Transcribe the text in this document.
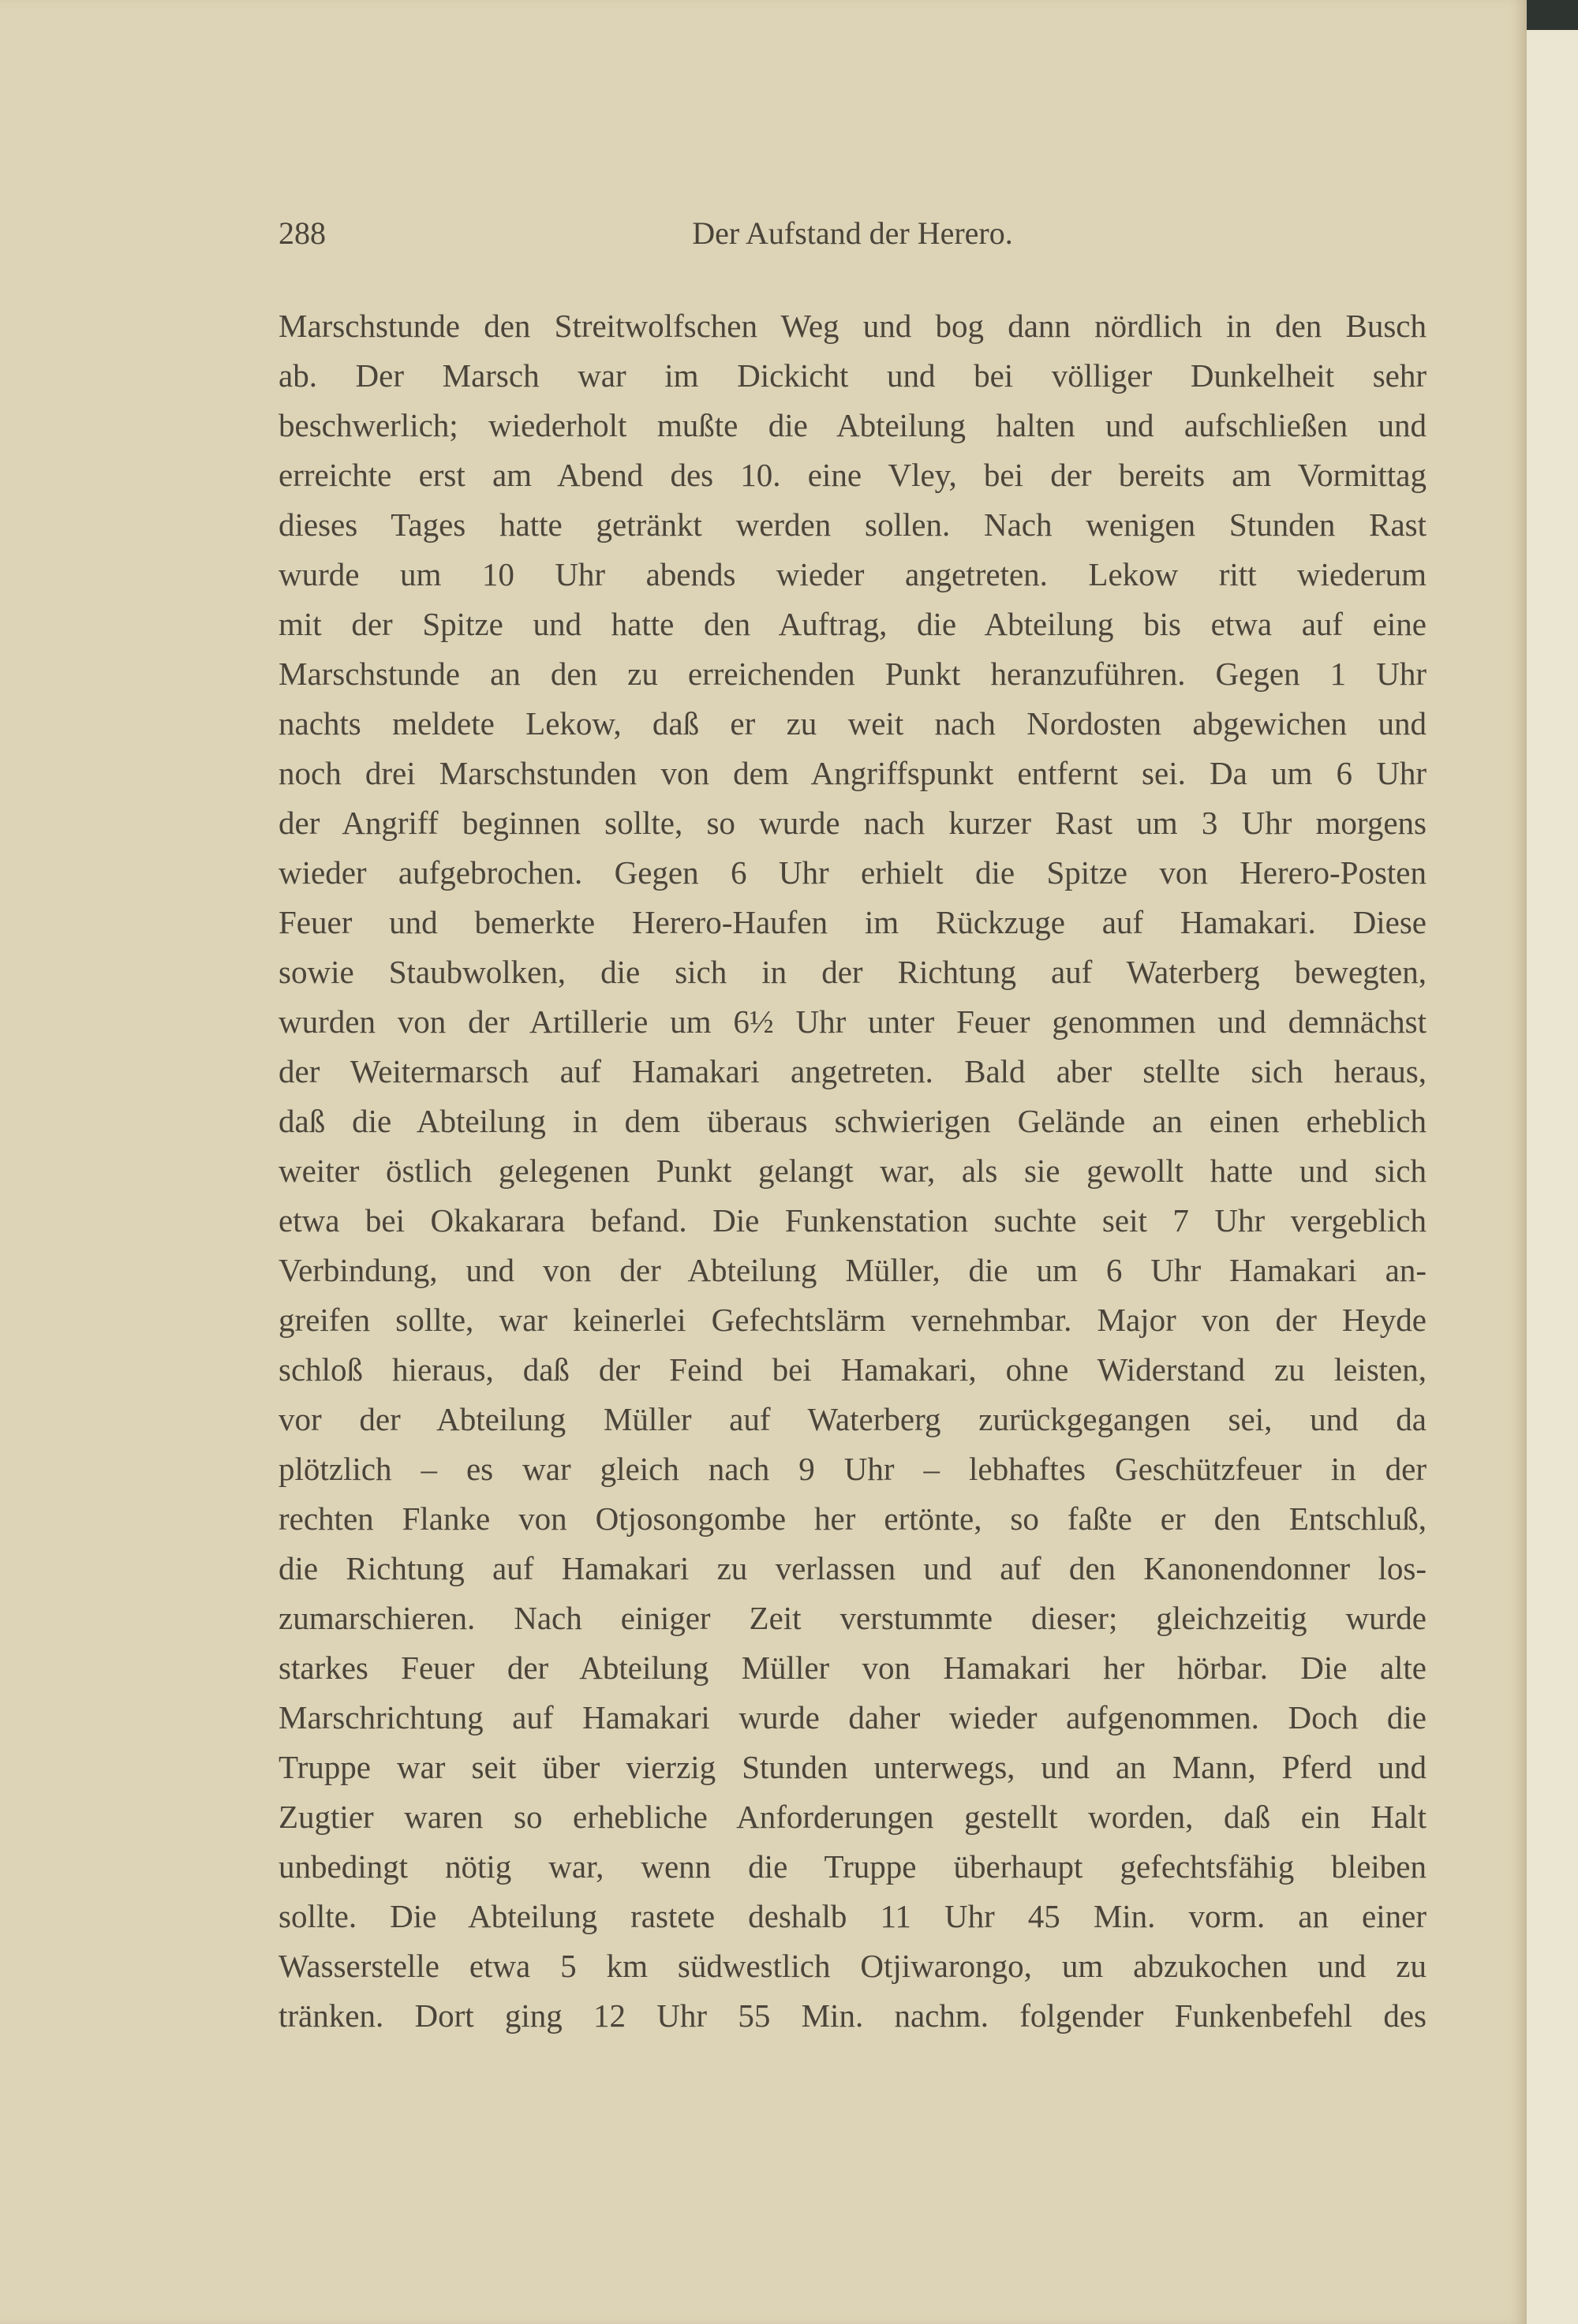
288	Der Aufstand der Herero.
Marschstunde den Streitwolfschen Weg und bog dann nördlich in den Busch
ab. Der Marsch war im Dickicht und bei völliger Dunkelheit sehr
beschwerlich; wiederholt mußte die Abteilung halten und aufschließen und
erreichte erst am Abend des 10. eine Vley, bei der bereits am Vormittag
dieses Tages hatte getränkt werden sollen. Nach wenigen Stunden Rast
wurde um 10 Uhr abends wieder angetreten. Lekow ritt wiederum
mit der Spitze und hatte den Auftrag, die Abteilung bis etwa auf eine
Marschstunde an den zu erreichenden Punkt heranzuführen. Gegen 1 Uhr
nachts meldete Lekow, daß er zu weit nach Nordosten abgewichen und
noch drei Marschstunden von dem Angriffspunkt entfernt sei. Da um 6 Uhr
der Angriff beginnen sollte, so wurde nach kurzer Rast um 3 Uhr morgens
wieder aufgebrochen. Gegen 6 Uhr erhielt die Spitze von Herero-Posten
Feuer und bemerkte Herero-Haufen im Rückzuge auf Hamakari. Diese
sowie Staubwolken, die sich in der Richtung auf Waterberg bewegten,
wurden von der Artillerie um 6½ Uhr unter Feuer genommen und demnächst
der Weitermarsch auf Hamakari angetreten. Bald aber stellte sich heraus,
daß die Abteilung in dem überaus schwierigen Gelände an einen erheblich
weiter östlich gelegenen Punkt gelangt war, als sie gewollt hatte und sich
etwa bei Okakarara befand. Die Funkenstation suchte seit 7 Uhr vergeblich
Verbindung, und von der Abteilung Müller, die um 6 Uhr Hamakari an-
greifen sollte, war keinerlei Gefechtslärm vernehmbar. Major von der Heyde
schloß hieraus, daß der Feind bei Hamakari, ohne Widerstand zu leisten,
vor der Abteilung Müller auf Waterberg zurückgegangen sei, und da
plötzlich – es war gleich nach 9 Uhr – lebhaftes Geschützfeuer in der
rechten Flanke von Otjosongombe her ertönte, so faßte er den Entschluß,
die Richtung auf Hamakari zu verlassen und auf den Kanonendonner los-
zumarschieren. Nach einiger Zeit verstummte dieser; gleichzeitig wurde
starkes Feuer der Abteilung Müller von Hamakari her hörbar. Die alte
Marschrichtung auf Hamakari wurde daher wieder aufgenommen. Doch die
Truppe war seit über vierzig Stunden unterwegs, und an Mann, Pferd und
Zugtier waren so erhebliche Anforderungen gestellt worden, daß ein Halt
unbedingt nötig war, wenn die Truppe überhaupt gefechtsfähig bleiben
sollte. Die Abteilung rastete deshalb 11 Uhr 45 Min. vorm. an einer
Wasserstelle etwa 5 km südwestlich Otjiwarongo, um abzukochen und zu
tränken. Dort ging 12 Uhr 55 Min. nachm. folgender Funkenbefehl des
